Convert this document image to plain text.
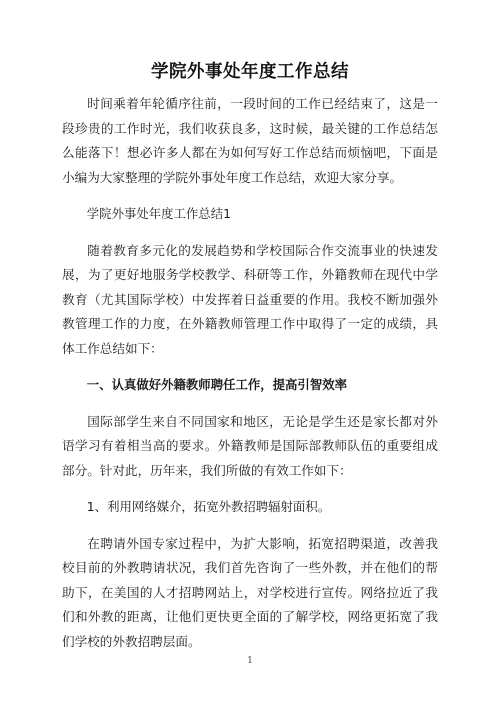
学院外事处年度工作总结

时间乘着年轮循序往前，一段时间的工作已经结束了，这是一段珍贵的工作时光，我们收获良多，这时候，最关键的工作总结怎么能落下！想必许多人都在为如何写好工作总结而烦恼吧，下面是小编为大家整理的学院外事处年度工作总结，欢迎大家分享。

学院外事处年度工作总结1

随着教育多元化的发展趋势和学校国际合作交流事业的快速发展，为了更好地服务学校教学、科研等工作，外籍教师在现代中学教育（尤其国际学校）中发挥着日益重要的作用。我校不断加强外教管理工作的力度，在外籍教师管理工作中取得了一定的成绩，具体工作总结如下：

一、认真做好外籍教师聘任工作，提高引智效率

国际部学生来自不同国家和地区，无论是学生还是家长都对外语学习有着相当高的要求。外籍教师是国际部教师队伍的重要组成部分。针对此，历年来，我们所做的有效工作如下：

1、利用网络媒介，拓宽外教招聘辐射面积。

在聘请外国专家过程中，为扩大影响，拓宽招聘渠道，改善我校目前的外教聘请状况，我们首先咨询了一些外教，并在他们的帮助下，在美国的人才招聘网站上，对学校进行宣传。网络拉近了我们和外教的距离，让他们更快更全面的了解学校，网络更拓宽了我们学校的外教招聘层面。

1
